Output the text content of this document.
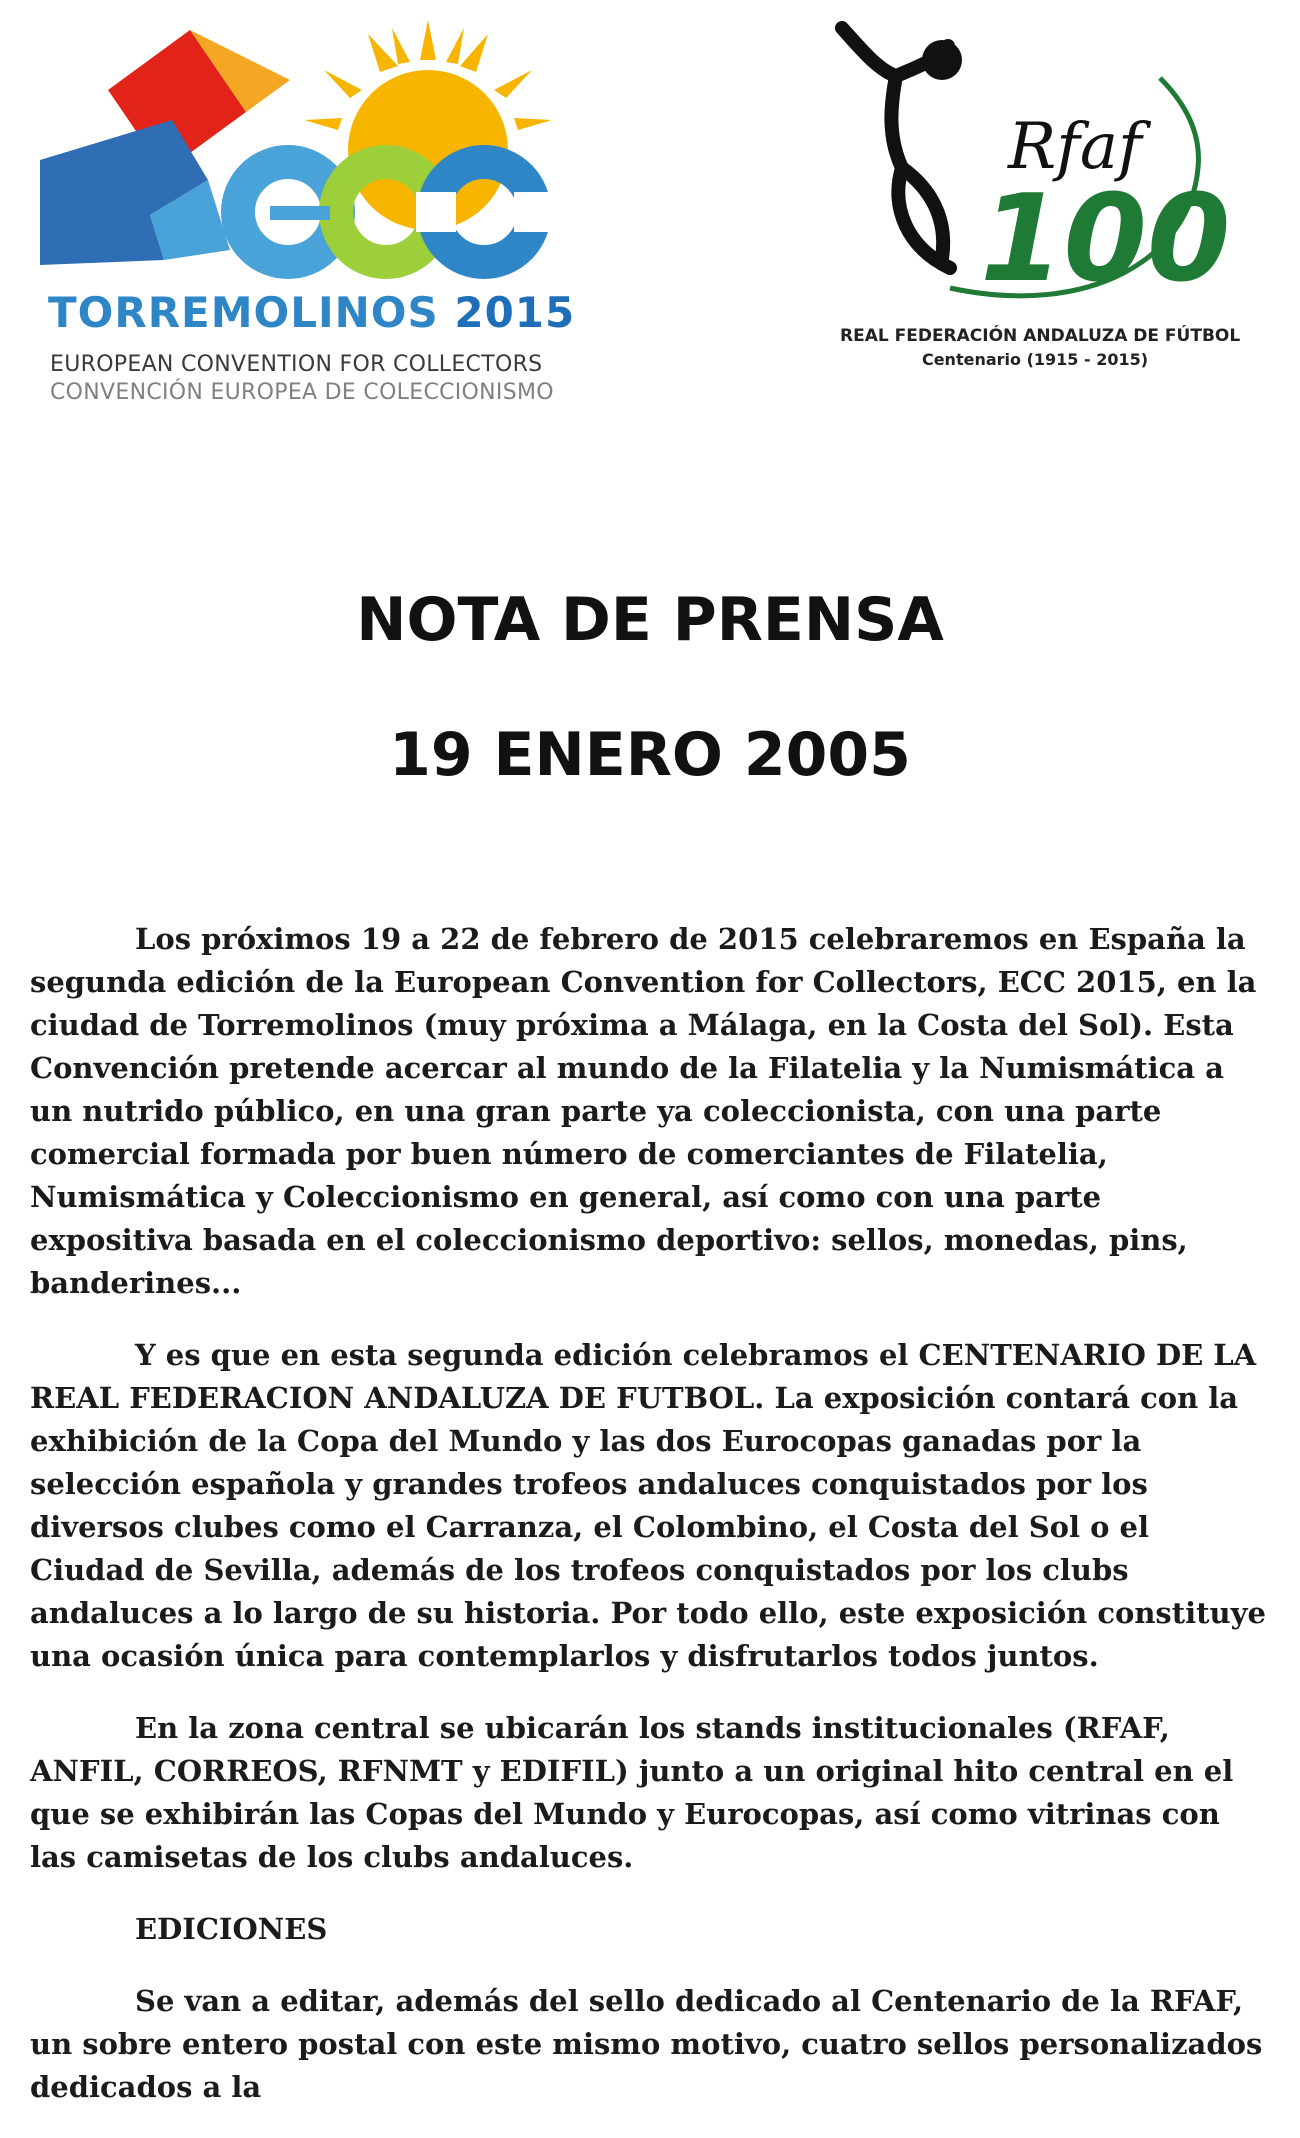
TORREMOLINOS 2015
EUROPEAN CONVENTION FOR COLLECTORS
CONVENCIÓN EUROPEA DE COLECCIONISMO
Rfaf
100
REAL FEDERACIÓN ANDALUZA DE FÚTBOL
Centenario (1915 - 2015)
NOTA DE PRENSA
19 ENERO 2005

Los próximos 19 a 22 de febrero de 2015 celebraremos en España la segunda edición de la European Convention for Collectors, ECC 2015, en la ciudad de Torremolinos (muy próxima a Málaga, en la Costa del Sol). Esta Convención pretende acercar al mundo de la Filatelia y la Numismática a un nutrido público, en una gran parte ya coleccionista, con una parte comercial formada por buen número de comerciantes de Filatelia, Numismática y Coleccionismo en general, así como con una parte expositiva basada en el coleccionismo deportivo: sellos, monedas, pins, banderines...

Y es que en esta segunda edición celebramos el CENTENARIO DE LA REAL FEDERACION ANDALUZA DE FUTBOL. La exposición contará con la exhibición de la Copa del Mundo y las dos Eurocopas ganadas por la selección española y grandes trofeos andaluces conquistados por los diversos clubes como el Carranza, el Colombino, el Costa del Sol o el Ciudad de Sevilla, además de los trofeos conquistados por los clubs andaluces a lo largo de su historia. Por todo ello, este exposición constituye una ocasión única para contemplarlos y disfrutarlos todos juntos.

En la zona central se ubicarán los stands institucionales (RFAF, ANFIL, CORREOS, RFNMT y EDIFIL) junto a un original hito central en el que se exhibirán las Copas del Mundo y Eurocopas, así como vitrinas con las camisetas de los clubs andaluces.

EDICIONES

Se van a editar, además del sello dedicado al Centenario de la RFAF, un sobre entero postal con este mismo motivo, cuatro sellos personalizados dedicados a la
